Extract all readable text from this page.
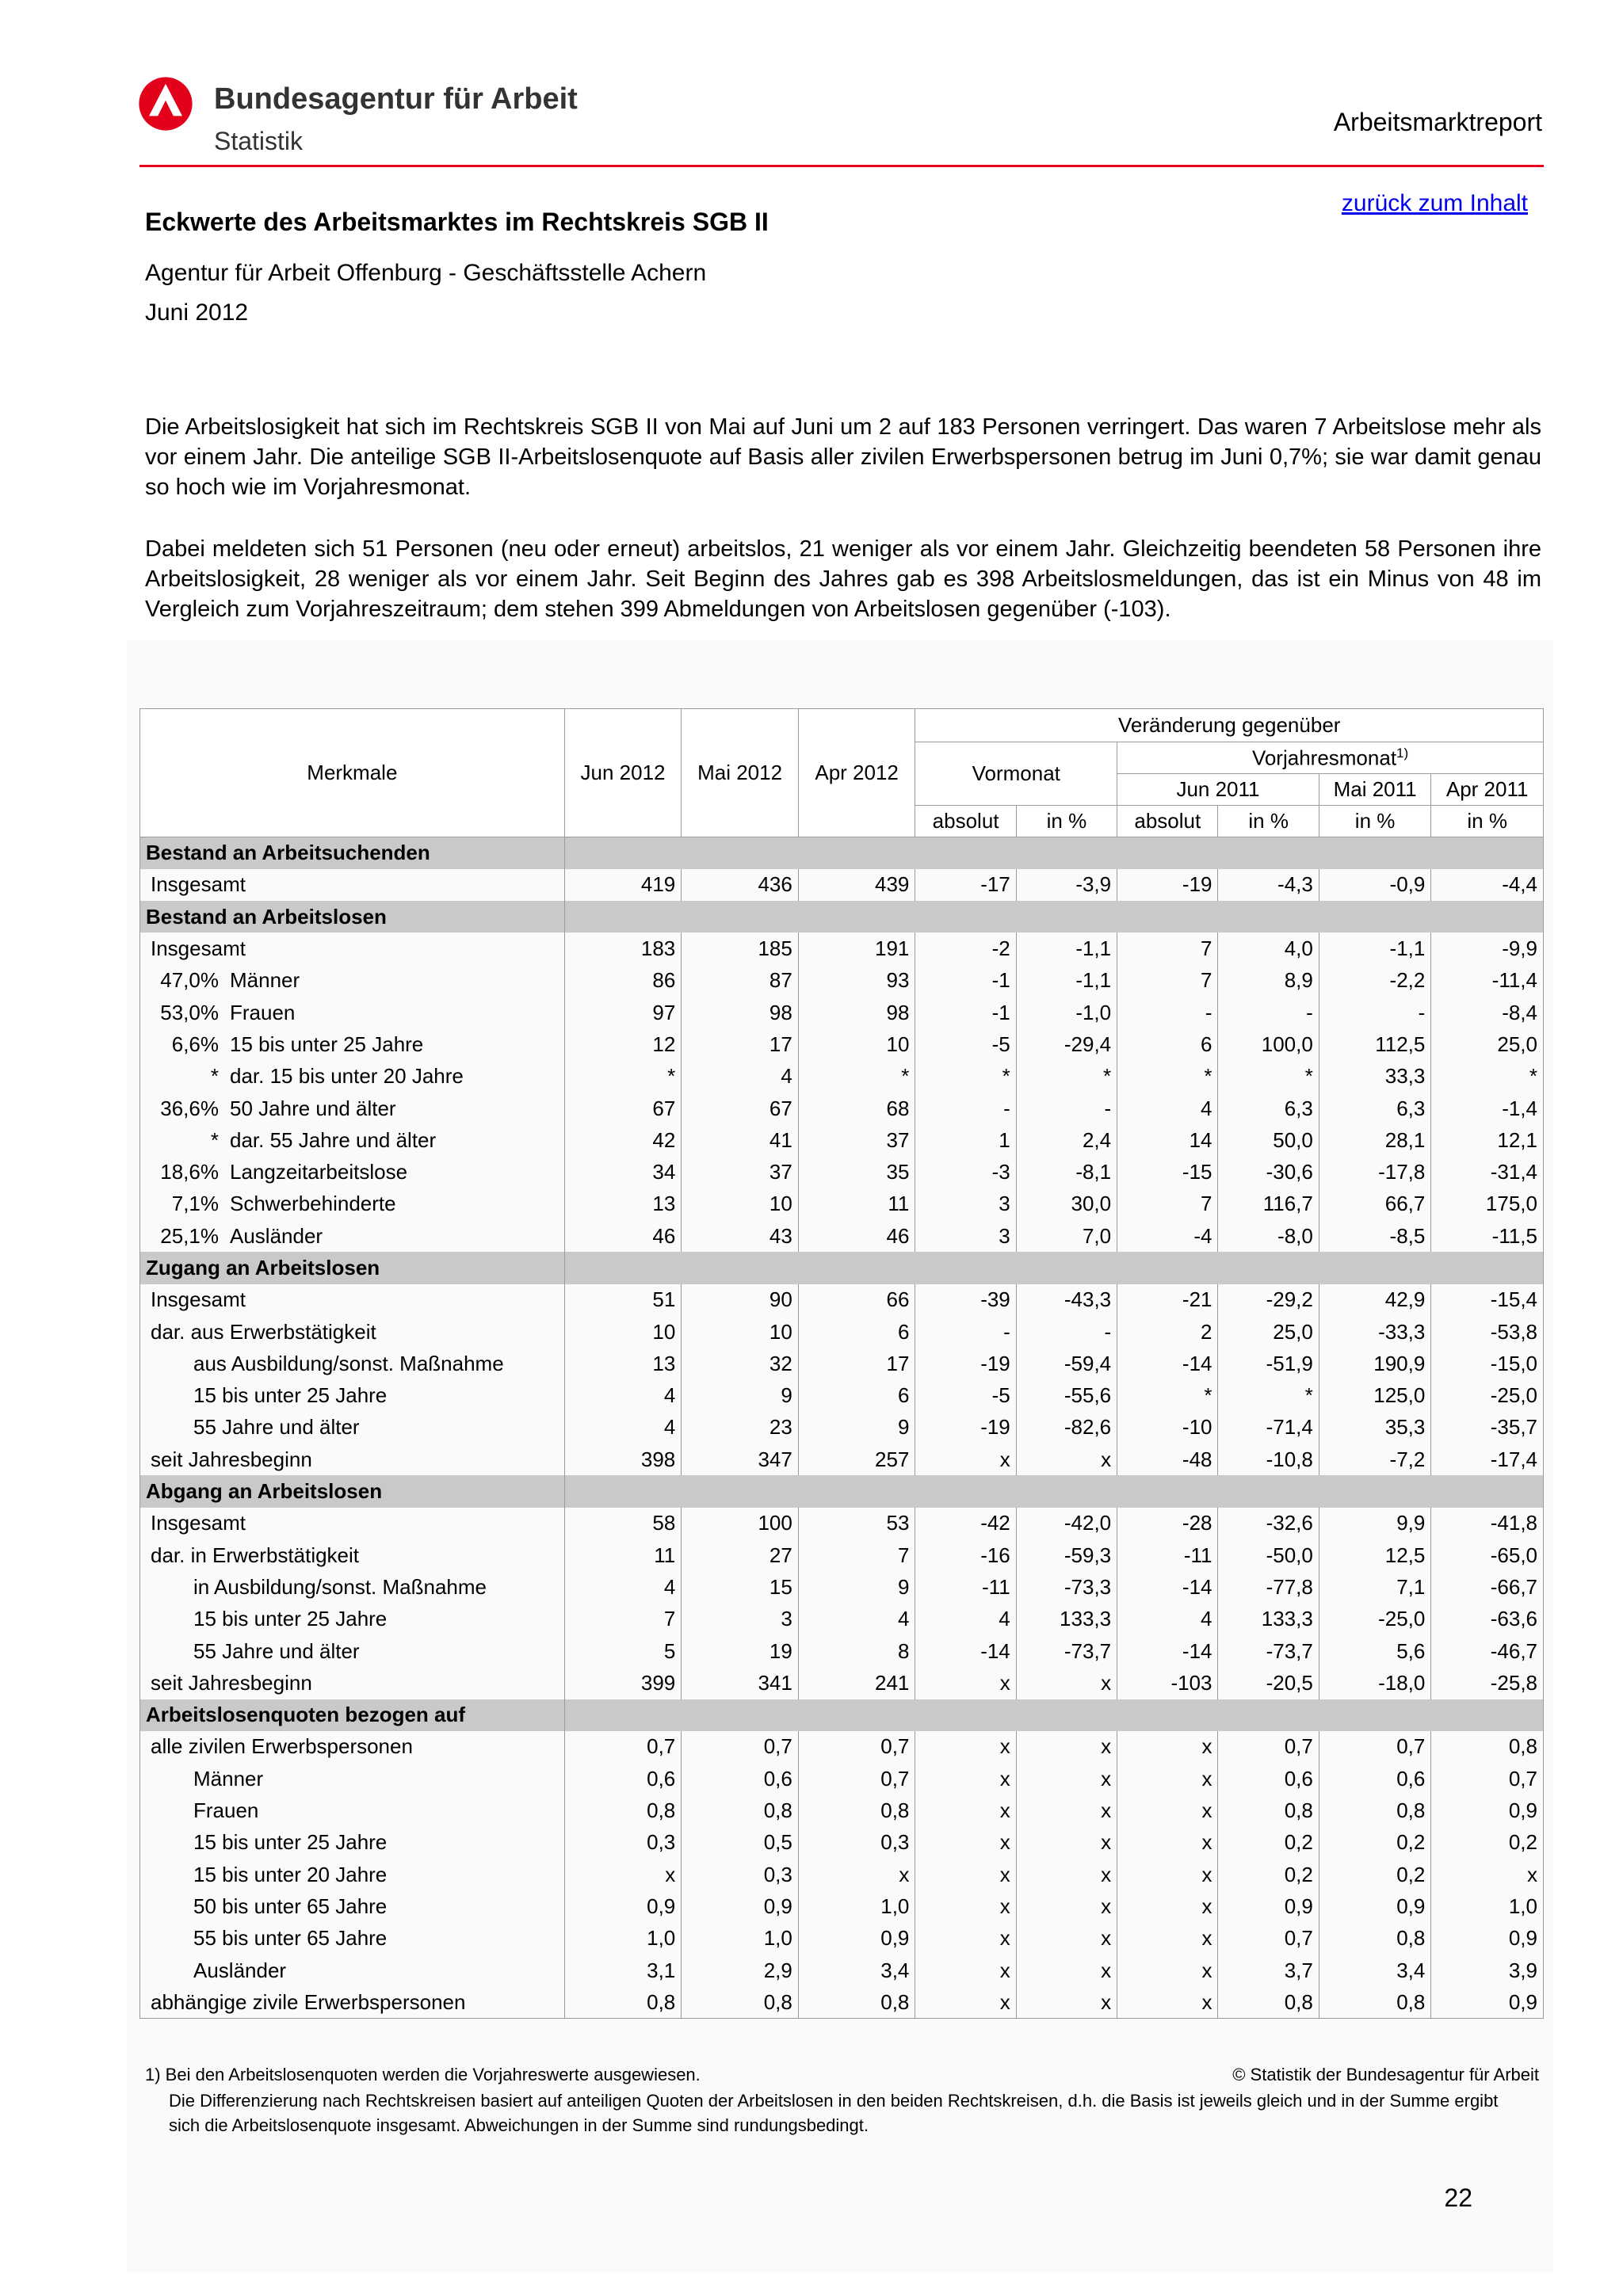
Bundesagentur für Arbeit
Statistik
Arbeitsmarktreport
zurück zum Inhalt
Eckwerte des Arbeitsmarktes im Rechtskreis SGB II
Agentur für Arbeit Offenburg - Geschäftsstelle Achern
Juni 2012

Die Arbeitslosigkeit hat sich im Rechtskreis SGB II von Mai auf Juni um 2 auf 183 Personen verringert. Das waren 7 Arbeitslose mehr als vor einem Jahr. Die anteilige SGB II-Arbeitslosenquote auf Basis aller zivilen Erwerbspersonen betrug im Juni 0,7%; sie war damit genau so hoch wie im Vorjahresmonat.

Dabei meldeten sich 51 Personen (neu oder erneut) arbeitslos, 21 weniger als vor einem Jahr. Gleichzeitig beendeten 58 Personen ihre Arbeitslosigkeit, 28 weniger als vor einem Jahr. Seit Beginn des Jahres gab es 398 Arbeitslosmeldungen, das ist ein Minus von 48 im Vergleich zum Vorjahreszeitraum; dem stehen 399 Abmeldungen von Arbeitslosen gegenüber (-103).

Merkmale	Jun 2012	Mai 2012	Apr 2012	Veränderung gegenüber					
				Vormonat		Vorjahresmonat$^{1)}$
						Jun 2011		Mai 2011	Apr 2011
				absolut	in %	absolut	in %	in %	in %
Bestand an Arbeitsuchenden									
Insgesamt	419	436	439	-17	-3,9	-19	-4,3	-0,9	-4,4
Bestand an Arbeitslosen									
Insgesamt	183	185	191	-2	-1,1	7	4,0	-1,1	-9,9
47,0% Männer	86	87	93	-1	-1,1	7	8,9	-2,2	-11,4
53,0% Frauen	97	98	98	-1	-1,0	-	-	-	-8,4
6,6% 15 bis unter 25 Jahre	12	17	10	-5	-29,4	6	100,0	112,5	25,0
* dar. 15 bis unter 20 Jahre	*	4	*	*	*	*	*	33,3	*
36,6% 50 Jahre und älter	67	67	68	-	-	4	6,3	6,3	-1,4
* dar. 55 Jahre und älter	42	41	37	1	2,4	14	50,0	28,1	12,1
18,6% Langzeitarbeitslose	34	37	35	-3	-8,1	-15	-30,6	-17,8	-31,4
7,1% Schwerbehinderte	13	10	11	3	30,0	7	116,7	66,7	175,0
25,1% Ausländer	46	43	46	3	7,0	-4	-8,0	-8,5	-11,5
Zugang an Arbeitslosen									
Insgesamt	51	90	66	-39	-43,3	-21	-29,2	42,9	-15,4
dar. aus Erwerbstätigkeit	10	10	6	-	-	2	25,0	-33,3	-53,8
aus Ausbildung/sonst. Maßnahme	13	32	17	-19	-59,4	-14	-51,9	190,9	-15,0
15 bis unter 25 Jahre	4	9	6	-5	-55,6	*	*	125,0	-25,0
55 Jahre und älter	4	23	9	-19	-82,6	-10	-71,4	35,3	-35,7
seit Jahresbeginn	398	347	257	x	x	-48	-10,8	-7,2	-17,4
Abgang an Arbeitslosen									
Insgesamt	58	100	53	-42	-42,0	-28	-32,6	9,9	-41,8
dar. in Erwerbstätigkeit	11	27	7	-16	-59,3	-11	-50,0	12,5	-65,0
in Ausbildung/sonst. Maßnahme	4	15	9	-11	-73,3	-14	-77,8	7,1	-66,7
15 bis unter 25 Jahre	7	3	4	4	133,3	4	133,3	-25,0	-63,6
55 Jahre und älter	5	19	8	-14	-73,7	-14	-73,7	5,6	-46,7
seit Jahresbeginn	399	341	241	x	x	-103	-20,5	-18,0	-25,8
Arbeitslosenquoten bezogen auf									
alle zivilen Erwerbspersonen	0,7	0,7	0,7	x	x	x	0,7	0,7	0,8
Männer	0,6	0,6	0,7	x	x	x	0,6	0,6	0,7
Frauen	0,8	0,8	0,8	x	x	x	0,8	0,8	0,9
15 bis unter 25 Jahre	0,3	0,5	0,3	x	x	x	0,2	0,2	0,2
15 bis unter 20 Jahre	x	0,3	x	x	x	x	0,2	0,2	x
50 bis unter 65 Jahre	0,9	0,9	1,0	x	x	x	0,9	0,9	1,0
55 bis unter 65 Jahre	1,0	1,0	0,9	x	x	x	0,7	0,8	0,9
Ausländer	3,1	2,9	3,4	x	x	x	3,7	3,4	3,9
abhängige zivile Erwerbspersonen	0,8	0,8	0,8	x	x	x	0,8	0,8	0,9
1) Bei den Arbeitslosenquoten werden die Vorjahreswerte ausgewiesen.	© Statistik der Bundesagentur für Arbeit

Die Differenzierung nach Rechtskreisen basiert auf anteiligen Quoten der Arbeitslosen in den beiden Rechtskreisen, d.h. die Basis ist jeweils gleich und in der Summe ergibt sich die Arbeitslosenquote insgesamt. Abweichungen in der Summe sind rundungsbedingt.

22
